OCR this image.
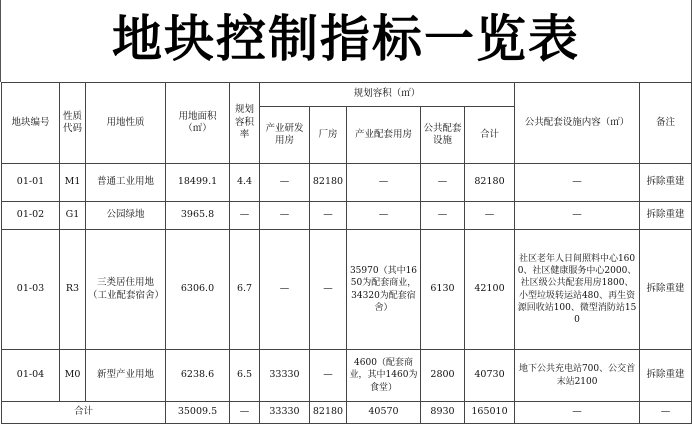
地块控制指标一览表
地块编号	性质代码	用地性质	用地面积（㎡）	规划容积率	规划容积（㎡）					公共配套设施内容（㎡）	备注
					产业研发用房	厂房	产业配套用房	公共配套设施	合计		
01-01	M1	普通工业用地	18499.1	4.4	—	82180	—	—	82180	—	拆除重建
01-02	G1	公园绿地	3965.8	—	—	—	—	—	—	—	拆除重建
01-03	R3	三类居住用地（工业配套宿舍）	6306.0	6.7	—	—	35970（其中1650为配套商业，34320为配套宿舍）	6130	42100	社区老年人日间照料中心1600、社区健康服务中心2000、社区级公共配套用房1800、小型垃圾转运站480、再生资源回收站100、微型消防站150	拆除重建
01-04	M0	新型产业用地	6238.6	6.5	33330	—	4600（配套商业，其中1460为食堂）	2800	40730	地下公共充电站700、公交首末站2100	拆除重建
合计			35009.5	—	33330	82180	40570	8930	165010	—	—
